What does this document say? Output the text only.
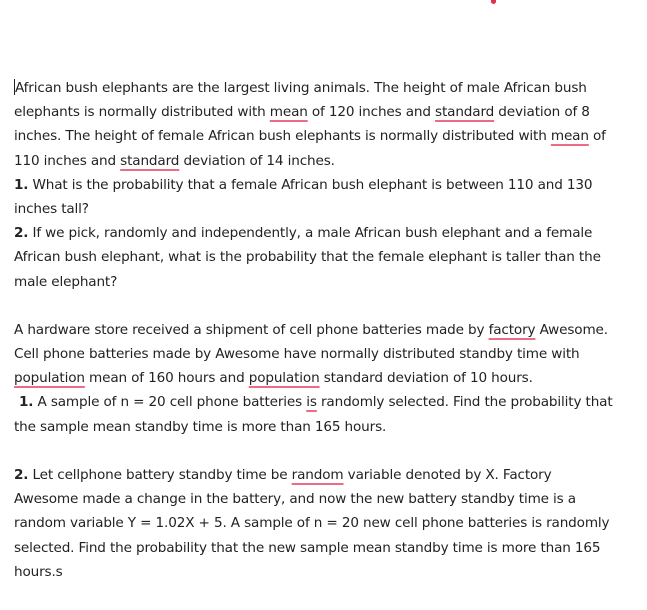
African bush elephants are the largest living animals. The height of male African bush
elephants is normally distributed with mean of 120 inches and standard deviation of 8
inches. The height of female African bush elephants is normally distributed with mean of
110 inches and standard deviation of 14 inches.
1. What is the probability that a female African bush elephant is between 110 and 130
inches tall?
2. If we pick, randomly and independently, a male African bush elephant and a female
African bush elephant, what is the probability that the female elephant is taller than the
male elephant?
A hardware store received a shipment of cell phone batteries made by factory Awesome.
Cell phone batteries made by Awesome have normally distributed standby time with
population mean of 160 hours and population standard deviation of 10 hours.
1. A sample of n = 20 cell phone batteries is randomly selected. Find the probability that
the sample mean standby time is more than 165 hours.
2. Let cellphone battery standby time be random variable denoted by X. Factory
Awesome made a change in the battery, and now the new battery standby time is a
random variable Y = 1.02X + 5. A sample of n = 20 new cell phone batteries is randomly
selected. Find the probability that the new sample mean standby time is more than 165
hours.s
